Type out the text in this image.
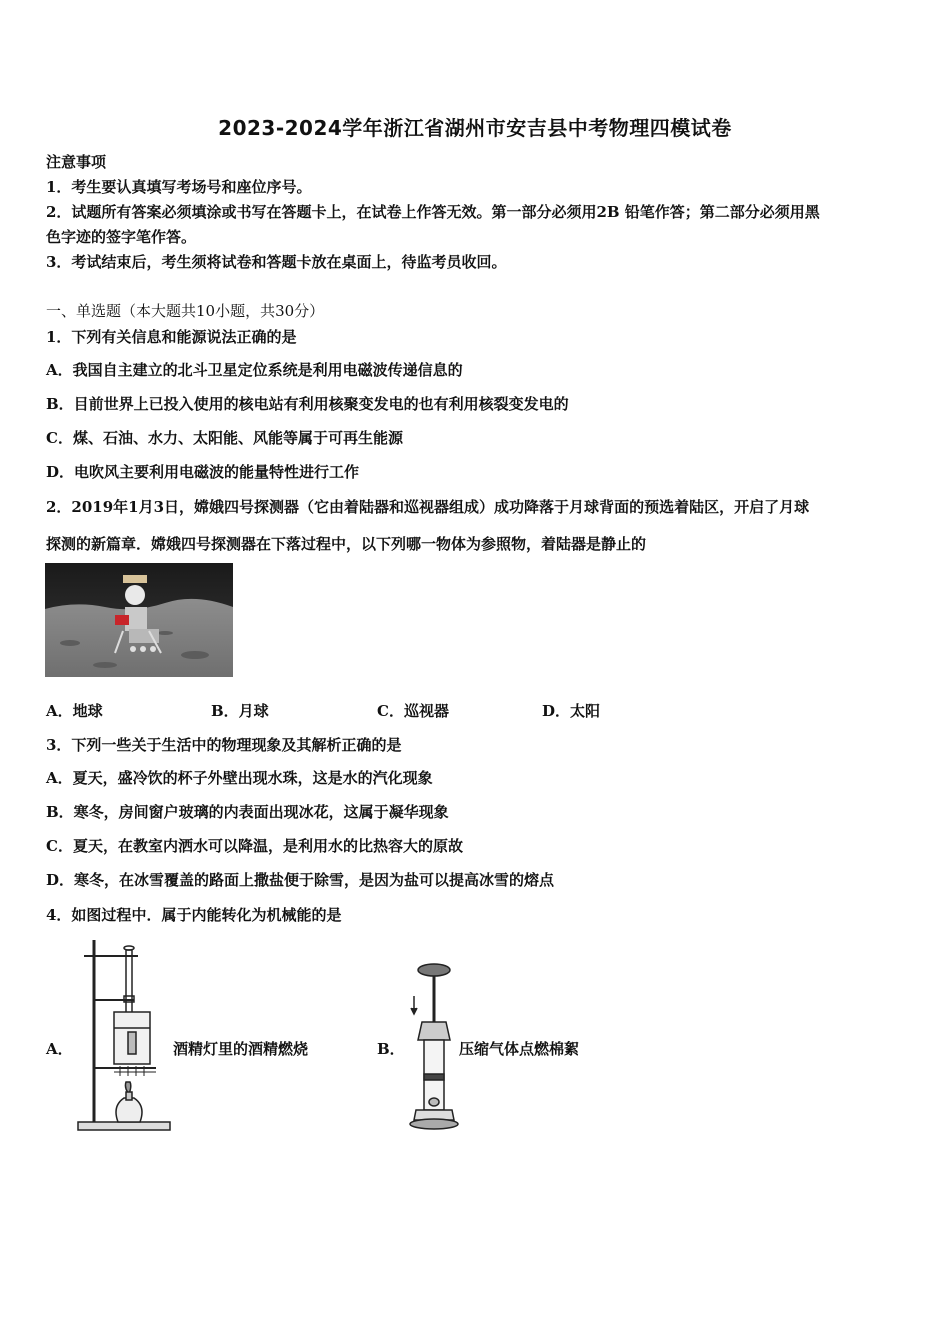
2023-2024学年浙江省湖州市安吉县中考物理四模试卷
注意事项
1．考生要认真填写考场号和座位序号。
2．试题所有答案必须填涂或书写在答题卡上，在试卷上作答无效。第一部分必须用2B 铅笔作答；第二部分必须用黑
色字迹的签字笔作答。
3．考试结束后，考生须将试卷和答题卡放在桌面上，待监考员收回。
一、单选题（本大题共10小题，共30分）
1．下列有关信息和能源说法正确的是
A．我国自主建立的北斗卫星定位系统是利用电磁波传递信息的
B．目前世界上已投入使用的核电站有利用核聚变发电的也有利用核裂变发电的
C．煤、石油、水力、太阳能、风能等属于可再生能源
D．电吹风主要利用电磁波的能量特性进行工作
2．2019年1月3日，嫦娥四号探测器（它由着陆器和巡视器组成）成功降落于月球背面的预选着陆区，开启了月球
探测的新篇章．嫦娥四号探测器在下落过程中，以下列哪一物体为参照物，着陆器是静止的
A．地球	B．月球	C．巡视器	D．太阳
3．下列一些关于生活中的物理现象及其解析正确的是
A．夏天，盛冷饮的杯子外壁出现水珠，这是水的汽化现象
B．寒冬，房间窗户玻璃的内表面出现冰花，这属于凝华现象
C．夏天，在教室内洒水可以降温，是利用水的比热容大的原故
D．寒冬，在冰雪覆盖的路面上撒盐便于除雪，是因为盐可以提高冰雪的熔点
4．如图过程中．属于内能转化为机械能的是
A．	酒精灯里的酒精燃烧	B．	压缩气体点燃棉絮
